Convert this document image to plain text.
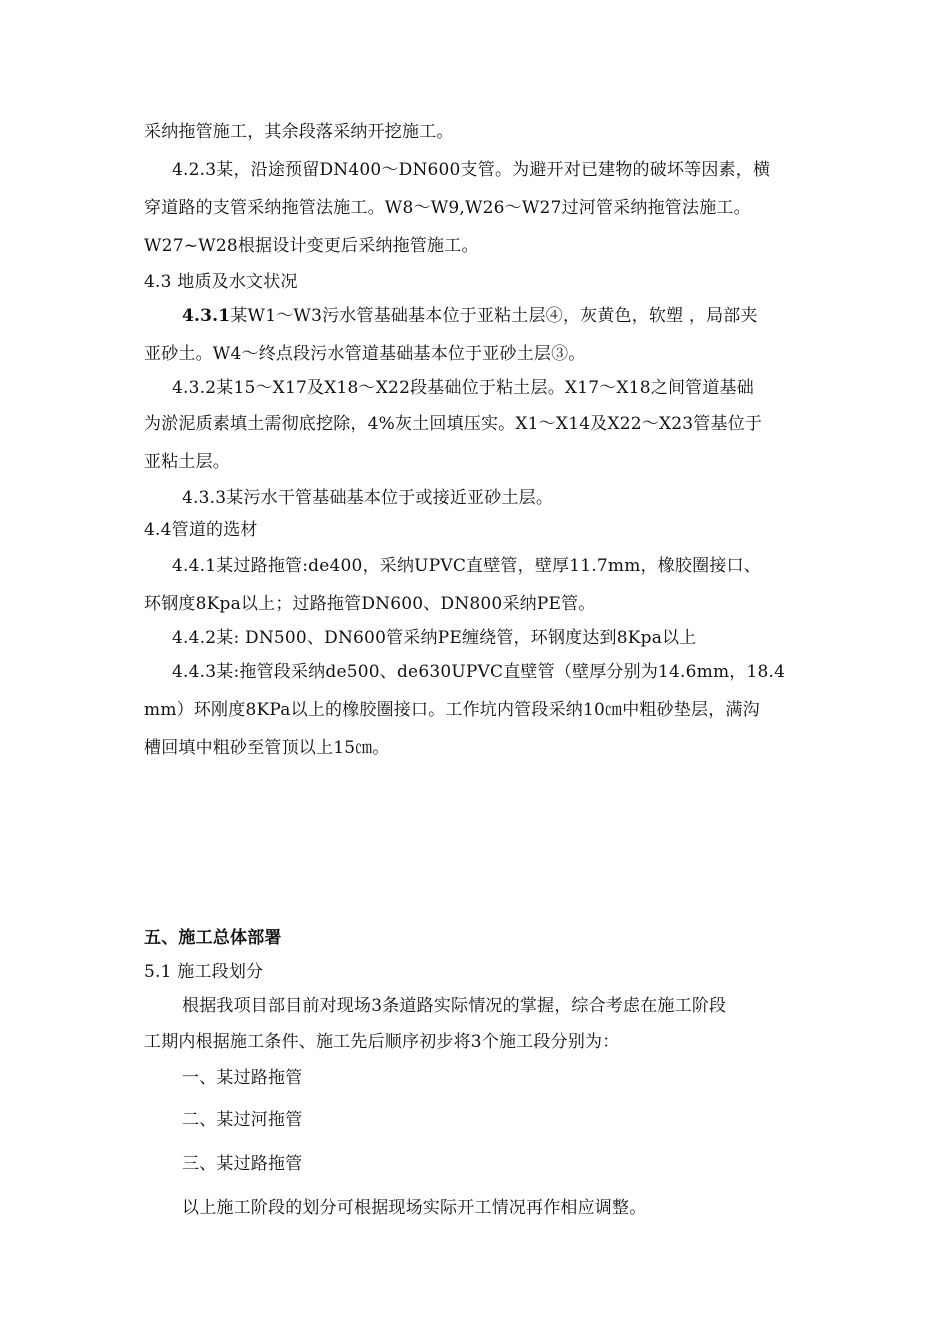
采纳拖管施工，其余段落采纳开挖施工。
4.2.3某，沿途预留DN400～DN600支管。为避开对已建物的破坏等因素，横
穿道路的支管采纳拖管法施工。W8～W9,W26～W27过河管采纳拖管法施工。
W27~W28根据设计变更后采纳拖管施工。
4.3 地质及水文状况
4.3.1某W1～W3污水管基础基本位于亚粘土层④，灰黄色，软塑 ，局部夹
亚砂土。W4～终点段污水管道基础基本位于亚砂土层③。
4.3.2某15～X17及X18～X22段基础位于粘土层。X17～X18之间管道基础
为淤泥质素填土需彻底挖除，4%灰土回填压实。X1～X14及X22～X23管基位于
亚粘土层。
4.3.3某污水干管基础基本位于或接近亚砂土层。
4.4管道的选材
4.4.1某过路拖管:de400，采纳UPVC直壁管，壁厚11.7mm，橡胶圈接口、
环钢度8Kpa以上；过路拖管DN600、DN800采纳PE管。
4.4.2某: DN500、DN600管采纳PE缠绕管，环钢度达到8Kpa以上
4.4.3某:拖管段采纳de500、de630UPVC直壁管（壁厚分别为14.6mm，18.4
mm）环刚度8KPa以上的橡胶圈接口。工作坑内管段采纳10㎝中粗砂垫层，满沟
槽回填中粗砂至管顶以上15㎝。
五、施工总体部署
5.1 施工段划分
根据我项目部目前对现场3条道路实际情况的掌握，综合考虑在施工阶段
工期内根据施工条件、施工先后顺序初步将3个施工段分别为：
一、某过路拖管
二、某过河拖管
三、某过路拖管
以上施工阶段的划分可根据现场实际开工情况再作相应调整。
